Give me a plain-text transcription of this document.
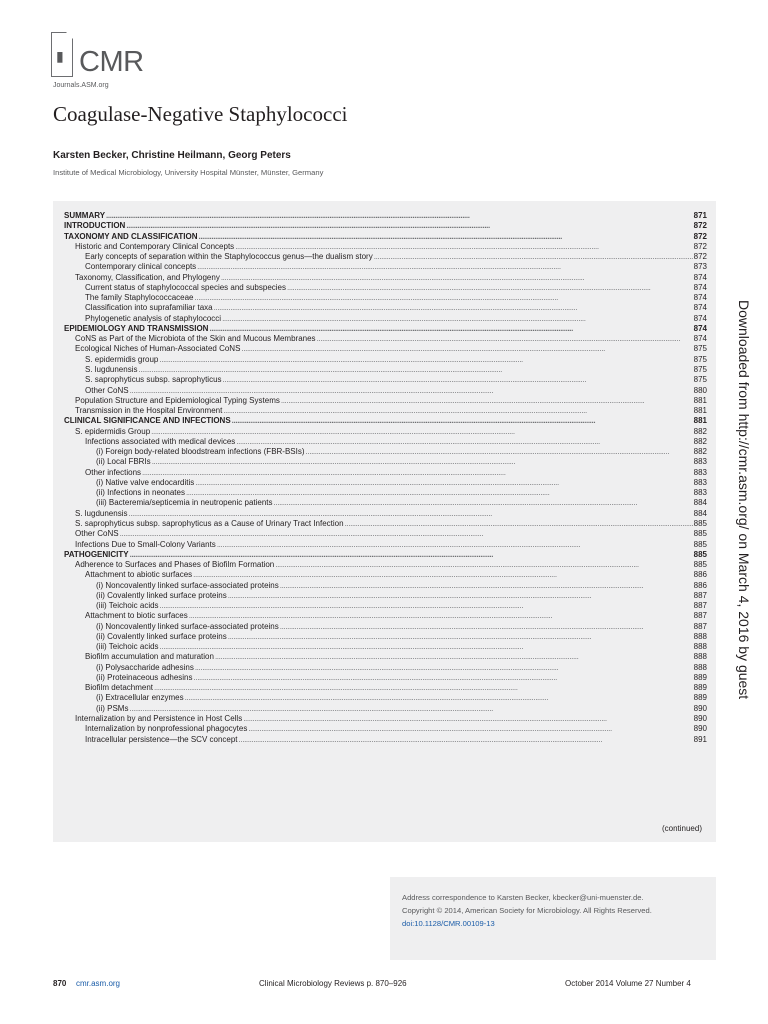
▮ CMR
Journals.ASM.org
Coagulase-Negative Staphylococci
Karsten Becker, Christine Heilmann, Georg Peters
Institute of Medical Microbiology, University Hospital Münster, Münster, Germany
SUMMARY . . .	871
INTRODUCTION . . .	872
TAXONOMY AND CLASSIFICATION . . .	872
Historic and Contemporary Clinical Concepts . . .	872
Early concepts of separation within the Staphylococcus genus—the dualism story . . .	872
Contemporary clinical concepts . . .	873
Taxonomy, Classification, and Phylogeny . . .	874
Current status of staphylococcal species and subspecies . . .	874
The family Staphylococcaceae . . .	874
Classification into suprafamiliar taxa . . .	874
Phylogenetic analysis of staphylococci . . .	874
EPIDEMIOLOGY AND TRANSMISSION . . .	874
CoNS as Part of the Microbiota of the Skin and Mucous Membranes . . .	874
Ecological Niches of Human-Associated CoNS . . .	875
S. epidermidis group . . .	875
S. lugdunensis . . .	875
S. saprophyticus subsp. saprophyticus . . .	875
Other CoNS . . .	880
Population Structure and Epidemiological Typing Systems . . .	881
Transmission in the Hospital Environment . . .	881
CLINICAL SIGNIFICANCE AND INFECTIONS . . .	881
S. epidermidis Group . . .	882
Infections associated with medical devices . . .	882
(i) Foreign body-related bloodstream infections (FBR-BSIs) . . .	882
(ii) Local FBRIs . . .	883
Other infections . . .	883
(i) Native valve endocarditis . . .	883
(ii) Infections in neonates . . .	883
(iii) Bacteremia/septicemia in neutropenic patients . . .	884
S. lugdunensis . . .	884
S. saprophyticus subsp. saprophyticus as a Cause of Urinary Tract Infection . . .	885
Other CoNS . . .	885
Infections Due to Small-Colony Variants . . .	885
PATHOGENICITY . . .	885
Adherence to Surfaces and Phases of Biofilm Formation . . .	885
Attachment to abiotic surfaces . . .	886
(i) Noncovalently linked surface-associated proteins . . .	886
(ii) Covalently linked surface proteins . . .	887
(iii) Teichoic acids . . .	887
Attachment to biotic surfaces . . .	887
(i) Noncovalently linked surface-associated proteins . . .	887
(ii) Covalently linked surface proteins . . .	888
(iii) Teichoic acids . . .	888
Biofilm accumulation and maturation . . .	888
(i) Polysaccharide adhesins . . .	888
(ii) Proteinaceous adhesins . . .	889
Biofilm detachment . . .	889
(i) Extracellular enzymes . . .	889
(ii) PSMs . . .	890
Internalization by and Persistence in Host Cells . . .	890
Internalization by nonprofessional phagocytes . . .	890
Intracellular persistence—the SCV concept . . .	891
(continued)
Downloaded from http://cmr.asm.org/ on March 4, 2016 by guest
Address correspondence to Karsten Becker, kbecker@uni-muenster.de.
Copyright © 2014, American Society for Microbiology. All Rights Reserved.
doi:10.1128/CMR.00109-13
870 cmr.asm.org	Clinical Microbiology Reviews p. 870–926	October 2014 Volume 27 Number 4
